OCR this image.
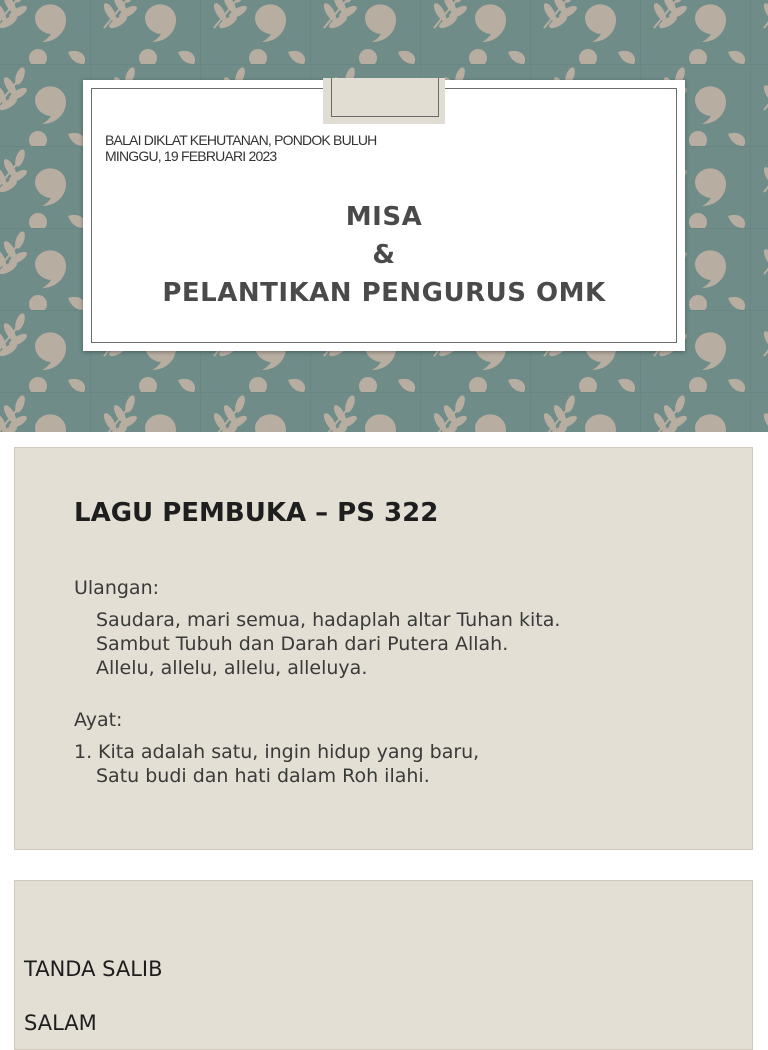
BALAI DIKLAT KEHUTANAN, PONDOK BULUH
MINGGU, 19 FEBRUARI 2023
MISA
&
PELANTIKAN PENGURUS OMK
LAGU PEMBUKA – PS 322
Ulangan:
Saudara, mari semua, hadaplah altar Tuhan kita.
Sambut Tubuh dan Darah dari Putera Allah.
Allelu, allelu, allelu, alleluya.
Ayat:
1. Kita adalah satu, ingin hidup yang baru,
Satu budi dan hati dalam Roh ilahi.
TANDA SALIB
SALAM
